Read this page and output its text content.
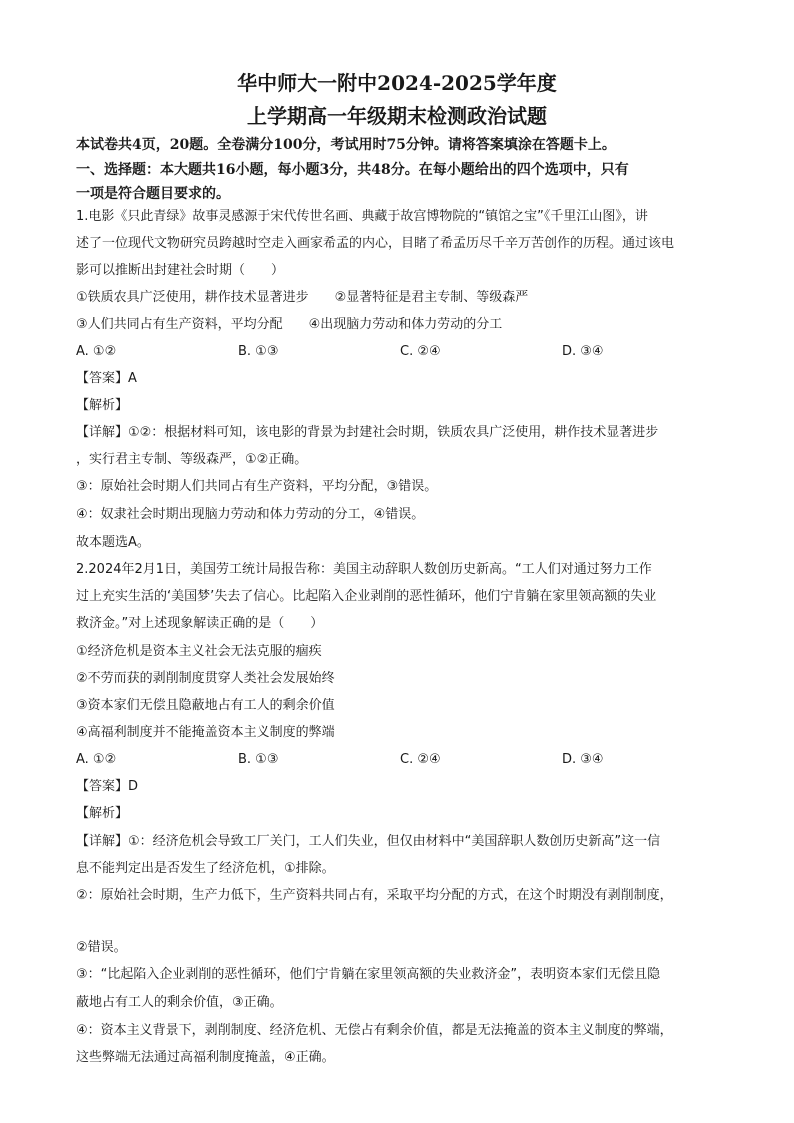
华中师大一附中2024-2025学年度
上学期高一年级期末检测政治试题
本试卷共4页，20题。全卷满分100分，考试用时75分钟。请将答案填涂在答题卡上。
一、选择题：本大题共16小题，每小题3分，共48分。在每小题给出的四个选项中，只有
一项是符合题目要求的。
1.电影《只此青绿》故事灵感源于宋代传世名画、典藏于故宫博物院的“镇馆之宝”《千里江山图》，讲
述了一位现代文物研究员跨越时空走入画家希孟的内心，目睹了希孟历尽千辛万苦创作的历程。通过该电
影可以推断出封建社会时期（　　）
①铁质农具广泛使用，耕作技术显著进步　　②显著特征是君主专制、等级森严
③人们共同占有生产资料，平均分配　　④出现脑力劳动和体力劳动的分工
A. ①②	B. ①③	C. ②④	D. ③④
【答案】A
【解析】
【详解】①②：根据材料可知，该电影的背景为封建社会时期，铁质农具广泛使用，耕作技术显著进步
，实行君主专制、等级森严，①②正确。
③：原始社会时期人们共同占有生产资料，平均分配，③错误。
④：奴隶社会时期出现脑力劳动和体力劳动的分工，④错误。
故本题选A。
2.2024年2月1日，美国劳工统计局报告称：美国主动辞职人数创历史新高。“工人们对通过努力工作
过上充实生活的‘美国梦’失去了信心。比起陷入企业剥削的恶性循环，他们宁肯躺在家里领高额的失业
救济金。”对上述现象解读正确的是（　　）
①经济危机是资本主义社会无法克服的痼疾
②不劳而获的剥削制度贯穿人类社会发展始终
③资本家们无偿且隐蔽地占有工人的剩余价值
④高福利制度并不能掩盖资本主义制度的弊端
A. ①②	B. ①③	C. ②④	D. ③④
【答案】D
【解析】
【详解】①：经济危机会导致工厂关门，工人们失业，但仅由材料中“美国辞职人数创历史新高”这一信
息不能判定出是否发生了经济危机，①排除。
②：原始社会时期，生产力低下，生产资料共同占有，采取平均分配的方式，在这个时期没有剥削制度，
②错误。
③：“比起陷入企业剥削的恶性循环，他们宁肯躺在家里领高额的失业救济金”，表明资本家们无偿且隐
蔽地占有工人的剩余价值，③正确。
④：资本主义背景下，剥削制度、经济危机、无偿占有剩余价值，都是无法掩盖的资本主义制度的弊端，
这些弊端无法通过高福利制度掩盖，④正确。
